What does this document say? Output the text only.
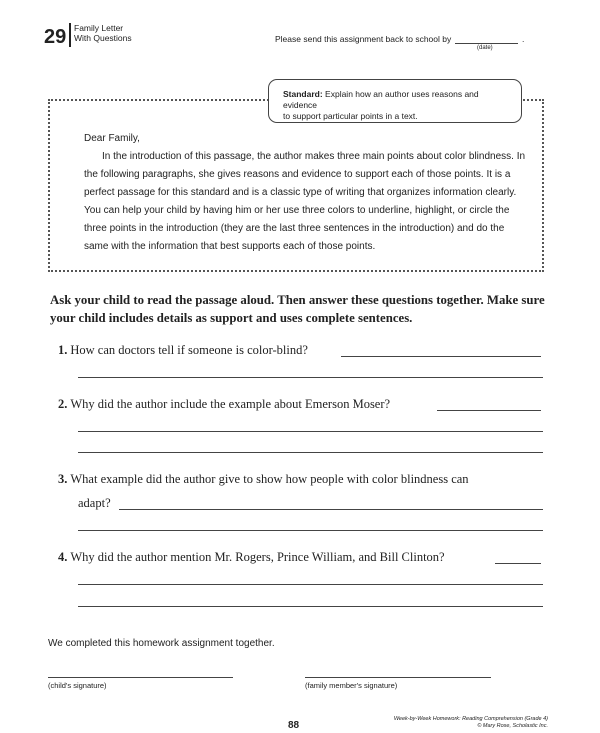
29 Family Letter
With Questions	Please send this assignment back to school by	.
(date)
Standard: Explain how an author uses reasons and evidence
to support particular points in a text.
Dear Family,

In the introduction of this passage, the author makes three main points about color blindness. In the following paragraphs, she gives reasons and evidence to support each of those points. It is a perfect passage for this standard and is a classic type of writing that organizes information clearly. You can help your child by having him or her use three colors to underline, highlight, or circle the three points in the introduction (they are the last three sentences in the introduction) and do the same with the information that best supports each of those points.

Ask your child to read the passage aloud. Then answer these questions together. Make sure your child includes details as support and uses complete sentences.
1. How can doctors tell if someone is color-blind?
2. Why did the author include the example about Emerson Moser?
3. What example did the author give to show how people with color blindness can
adapt?
4. Why did the author mention Mr. Rogers, Prince William, and Bill Clinton?
We completed this homework assignment together.
(child's signature)	(family member's signature)
88
Week-by-Week Homework: Reading Comprehension (Grade 4)
© Mary Rose, Scholastic Inc.
